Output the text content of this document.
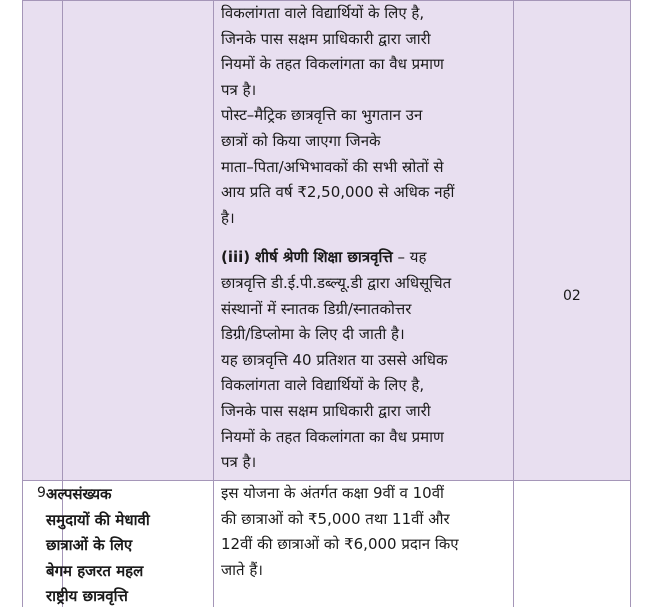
विकलांगता वाले विद्यार्थियों के लिए है,

जिनके पास सक्षम प्राधिकारी द्वारा जारी

नियमों के तहत विकलांगता का वैध प्रमाण

पत्र है।

पोस्ट–मैट्रिक छात्रवृत्ति का भुगतान उन

छात्रों को किया जाएगा जिनके

माता–पिता/अभिभावकों की सभी स्रोतों से

आय प्रति वर्ष ₹2,50,000 से अधिक नहीं

है।

(iii) शीर्ष श्रेणी शिक्षा छात्रवृत्ति – यह

छात्रवृत्ति डी.ई.पी.डब्ल्यू.डी द्वारा अधिसूचित

संस्थानों में स्नातक डिग्री/स्नातकोत्तर

डिग्री/डिप्लोमा के लिए दी जाती है।

यह छात्रवृत्ति 40 प्रतिशत या उससे अधिक

विकलांगता वाले विद्यार्थियों के लिए है,

जिनके पास सक्षम प्राधिकारी द्वारा जारी

नियमों के तहत विकलांगता का वैध प्रमाण

पत्र है।

02
9 अल्पसंख्यक
समुदायों की मेधावी
छात्राओं के लिए
बेगम हजरत महल
राष्ट्रीय छात्रवृत्ति

इस योजना के अंतर्गत कक्षा 9वीं व 10वीं

की छात्राओं को ₹5,000 तथा 11वीं और

12वीं की छात्राओं को ₹6,000 प्रदान किए

जाते हैं।
